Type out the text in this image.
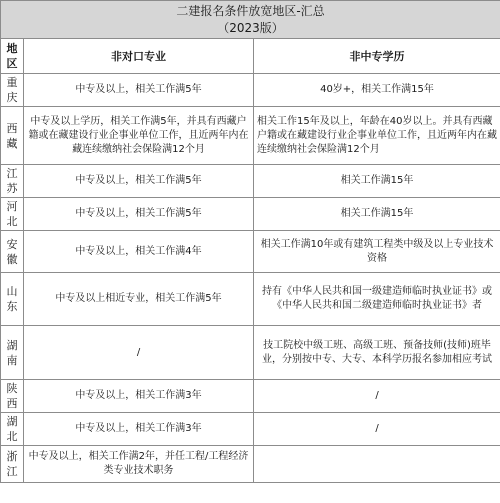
二建报名条件放宽地区-汇总
（2023版）		

地区	非对口专业	非中专学历
重庆	中专及以上，相关工作满5年	40岁+，相关工作满15年
西藏	中专及以上学历，相关工作满5年，并具有西藏户籍或在藏建设行业企事业单位工作，且近两年内在藏连续缴纳社会保险满12个月	相关工作15年及以上，年龄在40岁以上。并具有西藏户籍或在藏建设行业企事业单位工作，且近两年内在藏连续缴纳社会保险满12个月
江苏	中专及以上，相关工作满5年	相关工作满15年
河北	中专及以上，相关工作满5年	相关工作满15年
安徽	中专及以上，相关工作满4年	相关工作满10年或有建筑工程类中级及以上专业技术资格
山东	中专及以上相近专业，相关工作满5年	持有《中华人民共和国一级建造师临时执业证书》或《中华人民共和国二级建造师临时执业证书》者
湖南	/	技工院校中级工班、高级工班、预备技师(技师)班毕业，分别按中专、大专、本科学历报名参加相应考试
陕西	中专及以上，相关工作满3年	/
湖北	中专及以上，相关工作满3年	/
浙江	中专及以上，相关工作满2年，并任工程/工程经济类专业技术职务	
